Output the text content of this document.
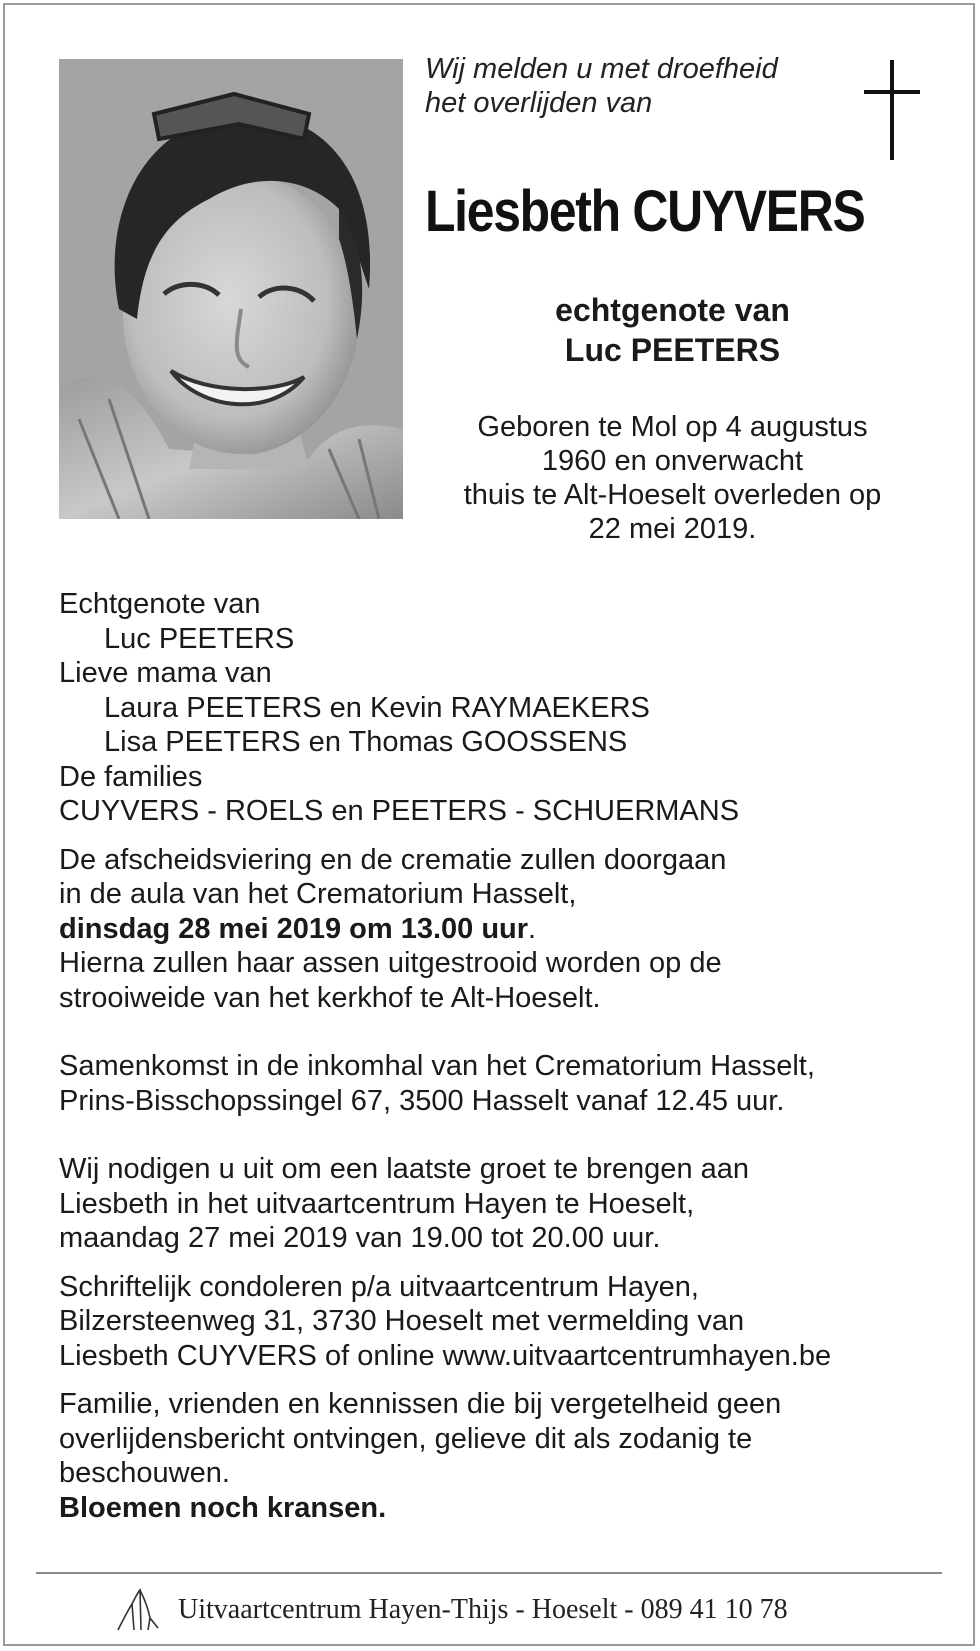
Wij melden u met droefheid
het overlijden van
Liesbeth CUYVERS
echtgenote van
Luc PEETERS
Geboren te Mol op 4 augustus
1960 en onverwacht
thuis te Alt-Hoeselt overleden op
22 mei 2019.
Echtgenote van
Luc PEETERS
Lieve mama van
Laura PEETERS en Kevin RAYMAEKERS
Lisa PEETERS en Thomas GOOSSENS
De families
CUYVERS - ROELS en PEETERS - SCHUERMANS
De afscheidsviering en de crematie zullen doorgaan
in de aula van het Crematorium Hasselt,
dinsdag 28 mei 2019 om 13.00 uur.
Hierna zullen haar assen uitgestrooid worden op de
strooiweide van het kerkhof te Alt-Hoeselt.
Samenkomst in de inkomhal van het Crematorium Hasselt,
Prins-Bisschopssingel 67, 3500 Hasselt vanaf 12.45 uur.
Wij nodigen u uit om een laatste groet te brengen aan
Liesbeth in het uitvaartcentrum Hayen te Hoeselt,
maandag 27 mei 2019 van 19.00 tot 20.00 uur.
Schriftelijk condoleren p/a uitvaartcentrum Hayen,
Bilzersteenweg 31, 3730 Hoeselt met vermelding van
Liesbeth CUYVERS of online www.uitvaartcentrumhayen.be
Familie, vrienden en kennissen die bij vergetelheid geen
overlijdensbericht ontvingen, gelieve dit als zodanig te
beschouwen.
Bloemen noch kransen.
Uitvaartcentrum Hayen-Thijs - Hoeselt - 089 41 10 78
